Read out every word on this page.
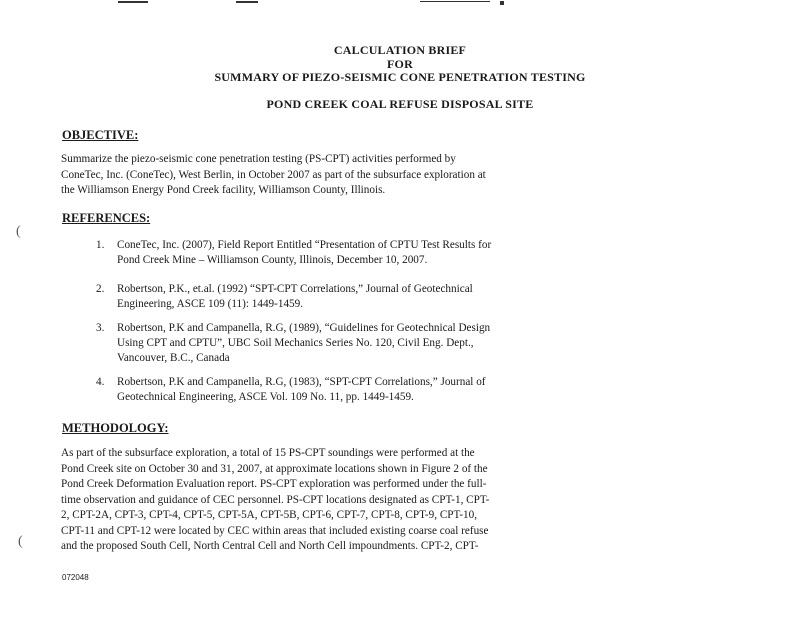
CALCULATION BRIEF
FOR
SUMMARY OF PIEZO-SEISMIC CONE PENETRATION TESTING
POND CREEK COAL REFUSE DISPOSAL SITE
OBJECTIVE:
Summarize the piezo-seismic cone penetration testing (PS-CPT) activities performed by
ConeTec, Inc. (ConeTec), West Berlin, in October 2007 as part of the subsurface exploration at
the Williamson Energy Pond Creek facility, Williamson County, Illinois.
REFERENCES:
1. ConeTec, Inc. (2007), Field Report Entitled “Presentation of CPTU Test Results for
Pond Creek Mine – Williamson County, Illinois, December 10, 2007.
2. Robertson, P.K., et.al. (1992) “SPT-CPT Correlations,” Journal of Geotechnical
Engineering, ASCE 109 (11): 1449-1459.
3. Robertson, P.K and Campanella, R.G, (1989), “Guidelines for Geotechnical Design
Using CPT and CPTU”, UBC Soil Mechanics Series No. 120, Civil Eng. Dept.,
Vancouver, B.C., Canada
4. Robertson, P.K and Campanella, R.G, (1983), “SPT-CPT Correlations,” Journal of
Geotechnical Engineering, ASCE Vol. 109 No. 11, pp. 1449-1459.
METHODOLOGY:
As part of the subsurface exploration, a total of 15 PS-CPT soundings were performed at the
Pond Creek site on October 30 and 31, 2007, at approximate locations shown in Figure 2 of the
Pond Creek Deformation Evaluation report. PS-CPT exploration was performed under the full-
time observation and guidance of CEC personnel. PS-CPT locations designated as CPT-1, CPT-
2, CPT-2A, CPT-3, CPT-4, CPT-5, CPT-5A, CPT-5B, CPT-6, CPT-7, CPT-8, CPT-9, CPT-10,
CPT-11 and CPT-12 were located by CEC within areas that included existing coarse coal refuse
and the proposed South Cell, North Central Cell and North Cell impoundments. CPT-2, CPT-
(
(
072048
